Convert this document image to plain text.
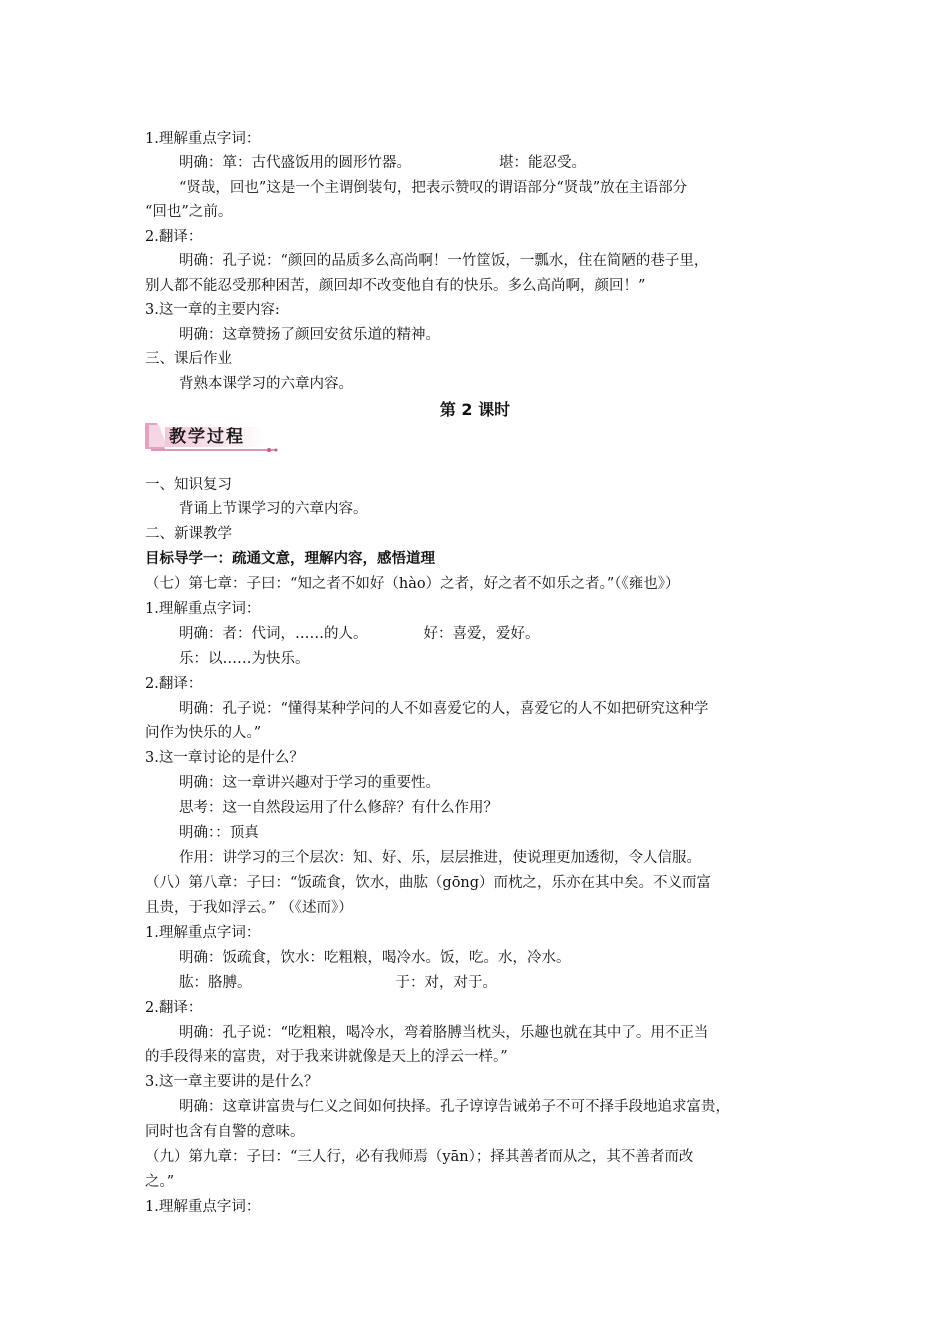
1.理解重点字词：
明确：箪：古代盛饭用的圆形竹器。	堪：能忍受。
“贤哉，回也”这是一个主谓倒装句，把表示赞叹的谓语部分“贤哉”放在主语部分
“回也”之前。
2.翻译：
明确：孔子说：“颜回的品质多么高尚啊！一竹筐饭，一瓢水，住在简陋的巷子里，
别人都不能忍受那种困苦，颜回却不改变他自有的快乐。多么高尚啊，颜回！”
3.这一章的主要内容:
明确：这章赞扬了颜回安贫乐道的精神。
三、课后作业
背熟本课学习的六章内容。
第 2 课时
教学过程
一、知识复习
背诵上节课学习的六章内容。
二、新课教学
目标导学一：疏通文意，理解内容，感悟道理
（七）第七章：子曰：“知之者不如好（hào）之者，好之者不如乐之者。”（《雍也》）
1.理解重点字词：
明确：者：代词，……的人。	好：喜爱，爱好。
乐：以……为快乐。
2.翻译：
明确：孔子说：“懂得某种学问的人不如喜爱它的人，喜爱它的人不如把研究这种学
问作为快乐的人。”
3.这一章讨论的是什么？
明确：这一章讲兴趣对于学习的重要性。
思考：这一自然段运用了什么修辞？有什么作用？
明确：：顶真
作用：讲学习的三个层次：知、好、乐，层层推进，使说理更加透彻，令人信服。
（八）第八章：子曰：“饭疏食，饮水，曲肱（gōng）而枕之，乐亦在其中矣。不义而富
且贵，于我如浮云。” （《述而》）
1.理解重点字词：
明确：饭疏食，饮水：吃粗粮，喝冷水。饭，吃。水，冷水。
肱：胳膊。	于：对，对于。
2.翻译：
明确：孔子说：“吃粗粮，喝冷水，弯着胳膊当枕头，乐趣也就在其中了。用不正当
的手段得来的富贵，对于我来讲就像是天上的浮云一样。”
3.这一章主要讲的是什么？
明确：这章讲富贵与仁义之间如何抉择。孔子谆谆告诫弟子不可不择手段地追求富贵，
同时也含有自警的意味。
（九）第九章：子曰：“三人行，必有我师焉（yān）；择其善者而从之，其不善者而改
之。”
1.理解重点字词：
